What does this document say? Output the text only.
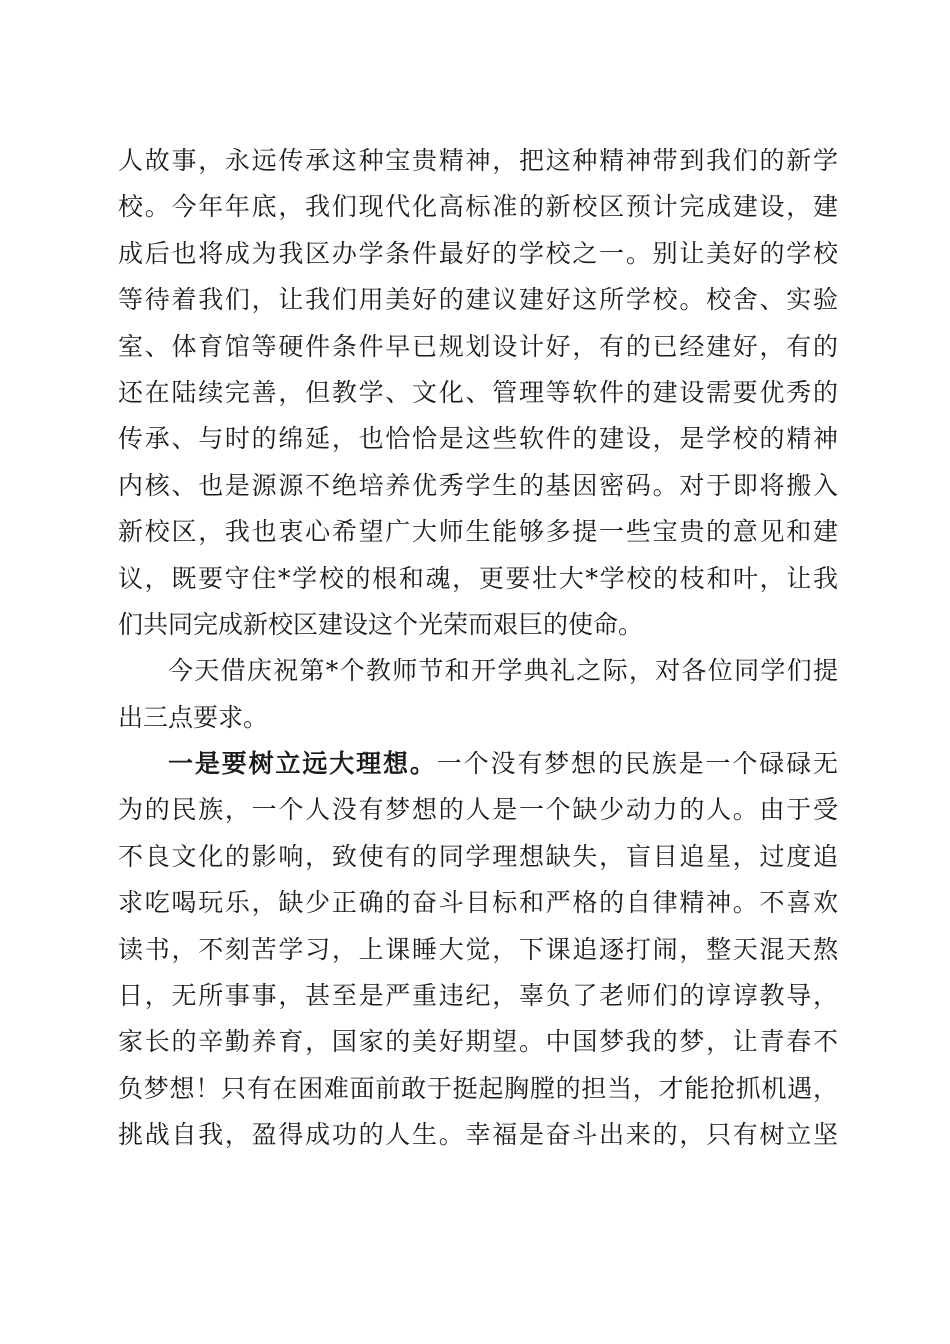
人故事，永远传承这种宝贵精神，把这种精神带到我们的新学
校。今年年底，我们现代化高标准的新校区预计完成建设，建
成后也将成为我区办学条件最好的学校之一。别让美好的学校
等待着我们，让我们用美好的建议建好这所学校。校舍、实验
室、体育馆等硬件条件早已规划设计好，有的已经建好，有的
还在陆续完善，但教学、文化、管理等软件的建设需要优秀的
传承、与时的绵延，也恰恰是这些软件的建设，是学校的精神
内核、也是源源不绝培养优秀学生的基因密码。对于即将搬入
新校区，我也衷心希望广大师生能够多提一些宝贵的意见和建
议，既要守住*学校的根和魂，更要壮大*学校的枝和叶，让我
们共同完成新校区建设这个光荣而艰巨的使命。
今天借庆祝第*个教师节和开学典礼之际，对各位同学们提
出三点要求。
一是要树立远大理想。一个没有梦想的民族是一个碌碌无
为的民族，一个人没有梦想的人是一个缺少动力的人。由于受
不良文化的影响，致使有的同学理想缺失，盲目追星，过度追
求吃喝玩乐，缺少正确的奋斗目标和严格的自律精神。不喜欢
读书，不刻苦学习，上课睡大觉，下课追逐打闹，整天混天熬
日，无所事事，甚至是严重违纪，辜负了老师们的谆谆教导，
家长的辛勤养育，国家的美好期望。中国梦我的梦，让青春不
负梦想！只有在困难面前敢于挺起胸膛的担当，才能抢抓机遇，
挑战自我，盈得成功的人生。幸福是奋斗出来的，只有树立坚
